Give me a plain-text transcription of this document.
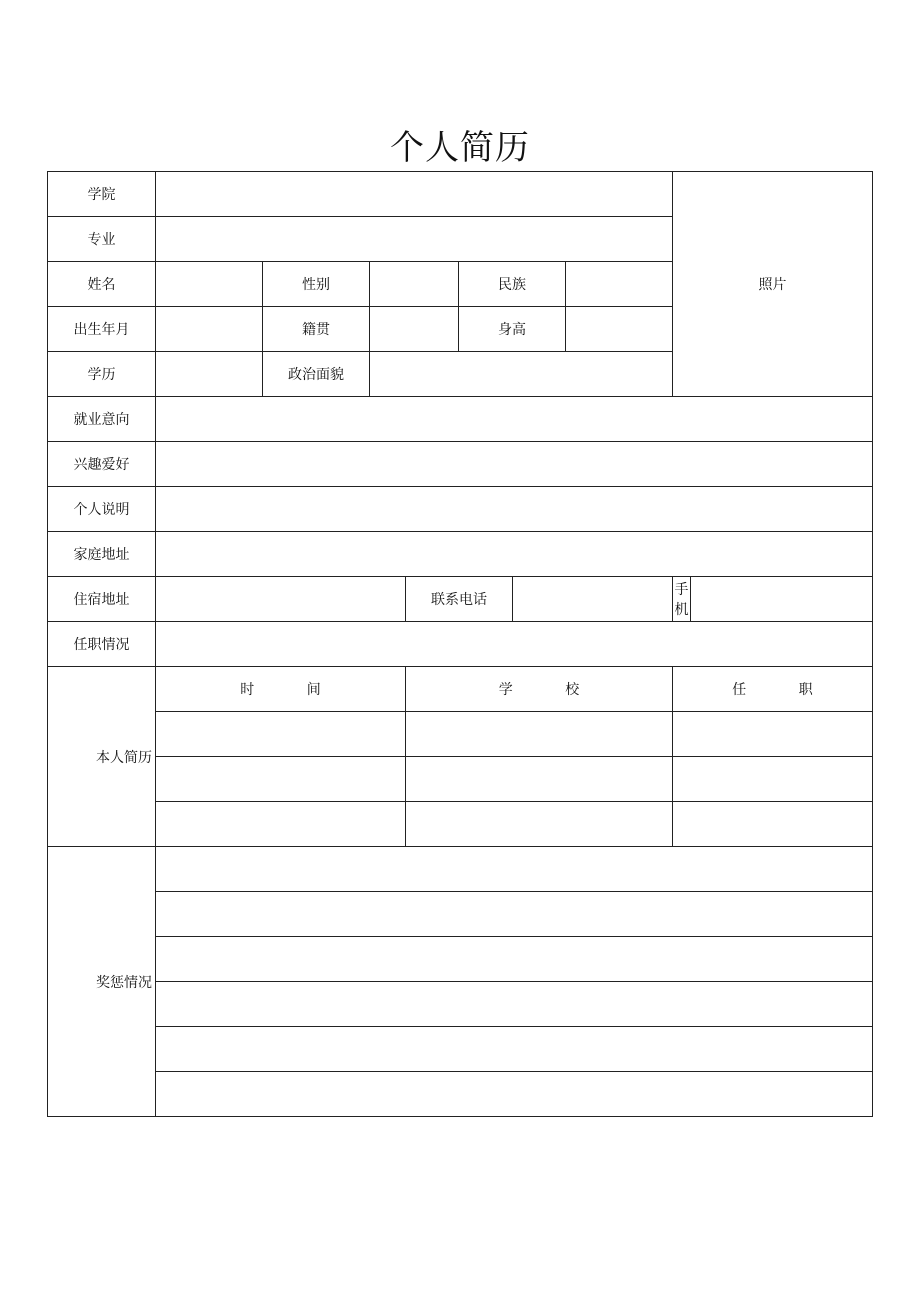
个人简历
学院								照片	
专业									
姓名		性别			民族				
出生年月		籍贯			身高				
学历		政治面貌							
就业意向									
兴趣爱好									
个人说明									
家庭地址									
住宿地址				联系电话				手机	
任职情况									
本人简历	时 间			学 校				任 职	

奖惩情况									
